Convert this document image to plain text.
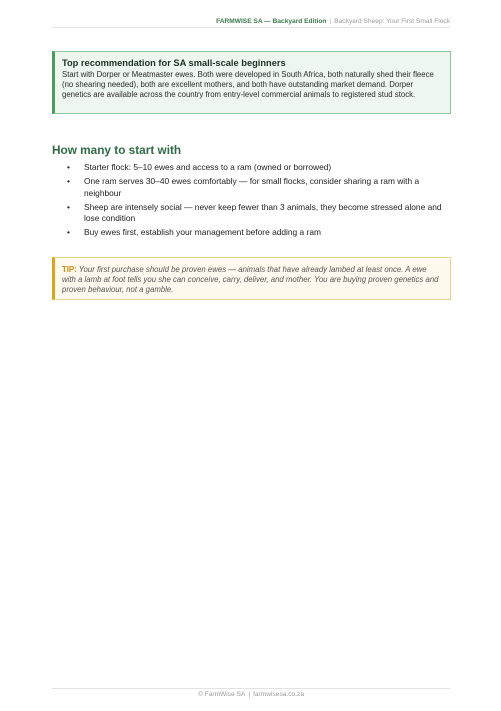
FARMWISE SA — Backyard Edition | Backyard Sheep: Your First Small Flock
Top recommendation for SA small-scale beginners

Start with Dorper or Meatmaster ewes. Both were developed in South Africa, both naturally shed their fleece (no shearing needed), both are excellent mothers, and both have outstanding market demand. Dorper genetics are available across the country from entry-level commercial animals to registered stud stock.

How many to start with
• Starter flock: 5–10 ewes and access to a ram (owned or borrowed)
• One ram serves 30–40 ewes comfortably — for small flocks, consider sharing a ram with a neighbour
• Sheep are intensely social — never keep fewer than 3 animals, they become stressed alone and lose condition
• Buy ewes first, establish your management before adding a ram
TIP: Your first purchase should be proven ewes — animals that have already lambed at least once. A ewe with a lamb at foot tells you she can conceive, carry, deliver, and mother. You are buying proven genetics and proven behaviour, not a gamble.
© FarmWise SA | farmwisesa.co.za
